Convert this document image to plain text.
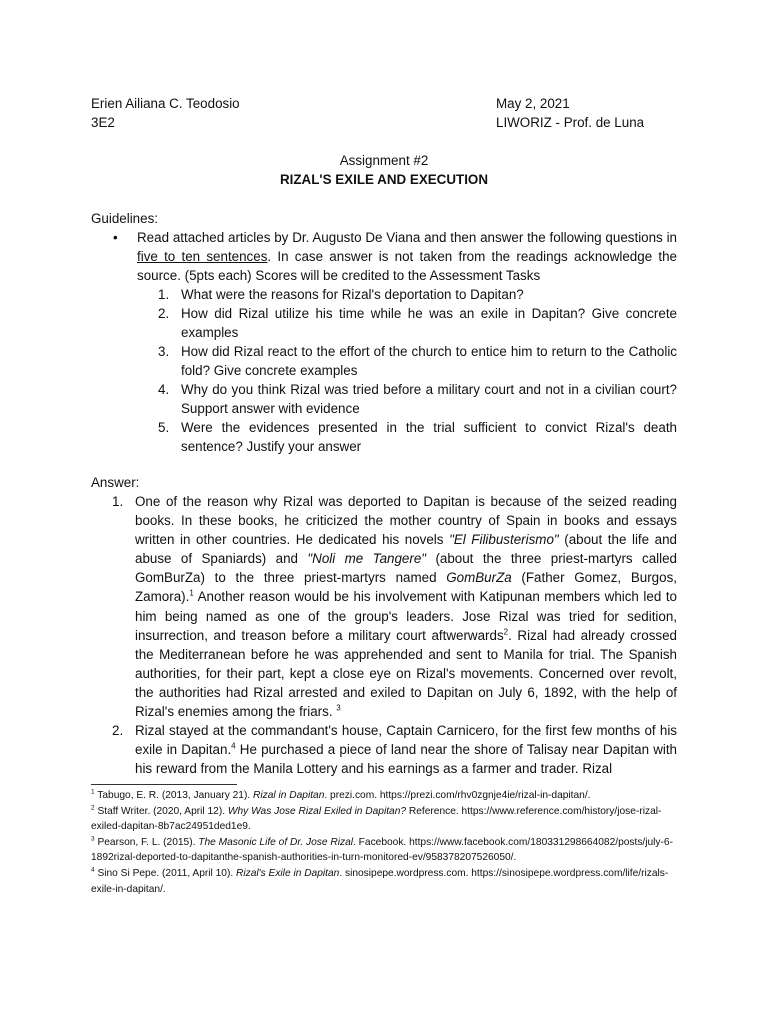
Erien Ailiana C. Teodosio
3E2
May 2, 2021
LIWORIZ - Prof. de Luna
Assignment #2
RIZAL'S EXILE AND EXECUTION
Guidelines:
• Read attached articles by Dr. Augusto De Viana and then answer the following questions in five to ten sentences. In case answer is not taken from the readings acknowledge the source. (5pts each) Scores will be credited to the Assessment Tasks
1. What were the reasons for Rizal's deportation to Dapitan?
2. How did Rizal utilize his time while he was an exile in Dapitan? Give concrete examples
3. How did Rizal react to the effort of the church to entice him to return to the Catholic fold? Give concrete examples
4. Why do you think Rizal was tried before a military court and not in a civilian court? Support answer with evidence
5. Were the evidences presented in the trial sufficient to convict Rizal's death sentence? Justify your answer
Answer:
1. One of the reason why Rizal was deported to Dapitan is because of the seized reading books. In these books, he criticized the mother country of Spain in books and essays written in other countries. He dedicated his novels "El Filibusterismo" (about the life and abuse of Spaniards) and "Noli me Tangere" (about the three priest-martyrs called GomBurZa) to the three priest-martyrs named GomBurZa (Father Gomez, Burgos, Zamora).$^1$ Another reason would be his involvement with Katipunan members which led to him being named as one of the group's leaders. Jose Rizal was tried for sedition, insurrection, and treason before a military court aftwerwards$^2$. Rizal had already crossed the Mediterranean before he was apprehended and sent to Manila for trial. The Spanish authorities, for their part, kept a close eye on Rizal's movements. Concerned over revolt, the authorities had Rizal arrested and exiled to Dapitan on July 6, 1892, with the help of Rizal's enemies among the friars. $^3$
2. Rizal stayed at the commandant's house, Captain Carnicero, for the first few months of his exile in Dapitan.$^4$ He purchased a piece of land near the shore of Talisay near Dapitan with his reward from the Manila Lottery and his earnings as a farmer and trader. Rizal

$^1$ Tabugo, E. R. (2013, January 21). Rizal in Dapitan. prezi.com. https://prezi.com/rhv0zgnje4ie/rizal-in-dapitan/.

$^2$ Staff Writer. (2020, April 12). Why Was Jose Rizal Exiled in Dapitan? Reference. https://www.reference.com/history/jose-rizal-exiled-dapitan-8b7ac24951ded1e9.

$^3$ Pearson, F. L. (2015). The Masonic Life of Dr. Jose Rizal. Facebook. https://www.facebook.com/180331298664082/posts/july-6-1892rizal-deported-to-dapitanthe-spanish-authorities-in-turn-monitored-ev/958378207526050/.

$^4$ Sino Si Pepe. (2011, April 10). Rizal's Exile in Dapitan. sinosipepe.wordpress.com. https://sinosipepe.wordpress.com/life/rizals-exile-in-dapitan/.
